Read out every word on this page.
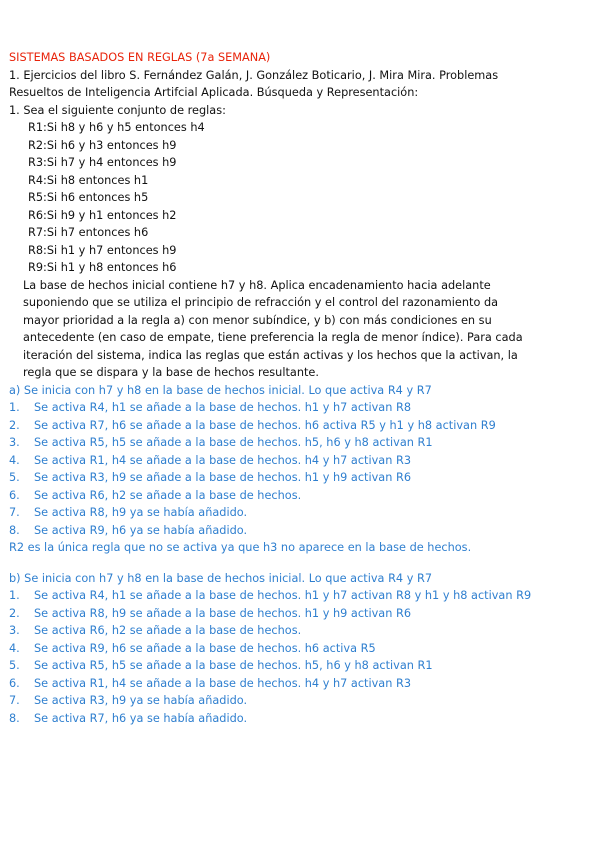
SISTEMAS BASADOS EN REGLAS (7a SEMANA)
1. Ejercicios del libro S. Fernández Galán, J. González Boticario, J. Mira Mira. Problemas
Resueltos de Inteligencia Artifcial Aplicada. Búsqueda y Representación:
1. Sea el siguiente conjunto de reglas:
R1:Si h8 y h6 y h5 entonces h4
R2:Si h6 y h3 entonces h9
R3:Si h7 y h4 entonces h9
R4:Si h8 entonces h1
R5:Si h6 entonces h5
R6:Si h9 y h1 entonces h2
R7:Si h7 entonces h6
R8:Si h1 y h7 entonces h9
R9:Si h1 y h8 entonces h6
La base de hechos inicial contiene h7 y h8. Aplica encadenamiento hacia adelante
suponiendo que se utiliza el principio de refracción y el control del razonamiento da
mayor prioridad a la regla a) con menor subíndice, y b) con más condiciones en su
antecedente (en caso de empate, tiene preferencia la regla de menor índice). Para cada
iteración del sistema, indica las reglas que están activas y los hechos que la activan, la
regla que se dispara y la base de hechos resultante.
a) Se inicia con h7 y h8 en la base de hechos inicial. Lo que activa R4 y R7
1.	Se activa R4, h1 se añade a la base de hechos. h1 y h7 activan R8
2.	Se activa R7, h6 se añade a la base de hechos. h6 activa R5 y h1 y h8 activan R9
3.	Se activa R5, h5 se añade a la base de hechos. h5, h6 y h8 activan R1
4.	Se activa R1, h4 se añade a la base de hechos. h4 y h7 activan R3
5.	Se activa R3, h9 se añade a la base de hechos. h1 y h9 activan R6
6.	Se activa R6, h2 se añade a la base de hechos.
7.	Se activa R8, h9 ya se había añadido.
8.	Se activa R9, h6 ya se había añadido.
R2 es la única regla que no se activa ya que h3 no aparece en la base de hechos.
b) Se inicia con h7 y h8 en la base de hechos inicial. Lo que activa R4 y R7
1.	Se activa R4, h1 se añade a la base de hechos. h1 y h7 activan R8 y h1 y h8 activan R9
2.	Se activa R8, h9 se añade a la base de hechos. h1 y h9 activan R6
3.	Se activa R6, h2 se añade a la base de hechos.
4.	Se activa R9, h6 se añade a la base de hechos. h6 activa R5
5.	Se activa R5, h5 se añade a la base de hechos. h5, h6 y h8 activan R1
6.	Se activa R1, h4 se añade a la base de hechos. h4 y h7 activan R3
7.	Se activa R3, h9 ya se había añadido.
8.	Se activa R7, h6 ya se había añadido.
